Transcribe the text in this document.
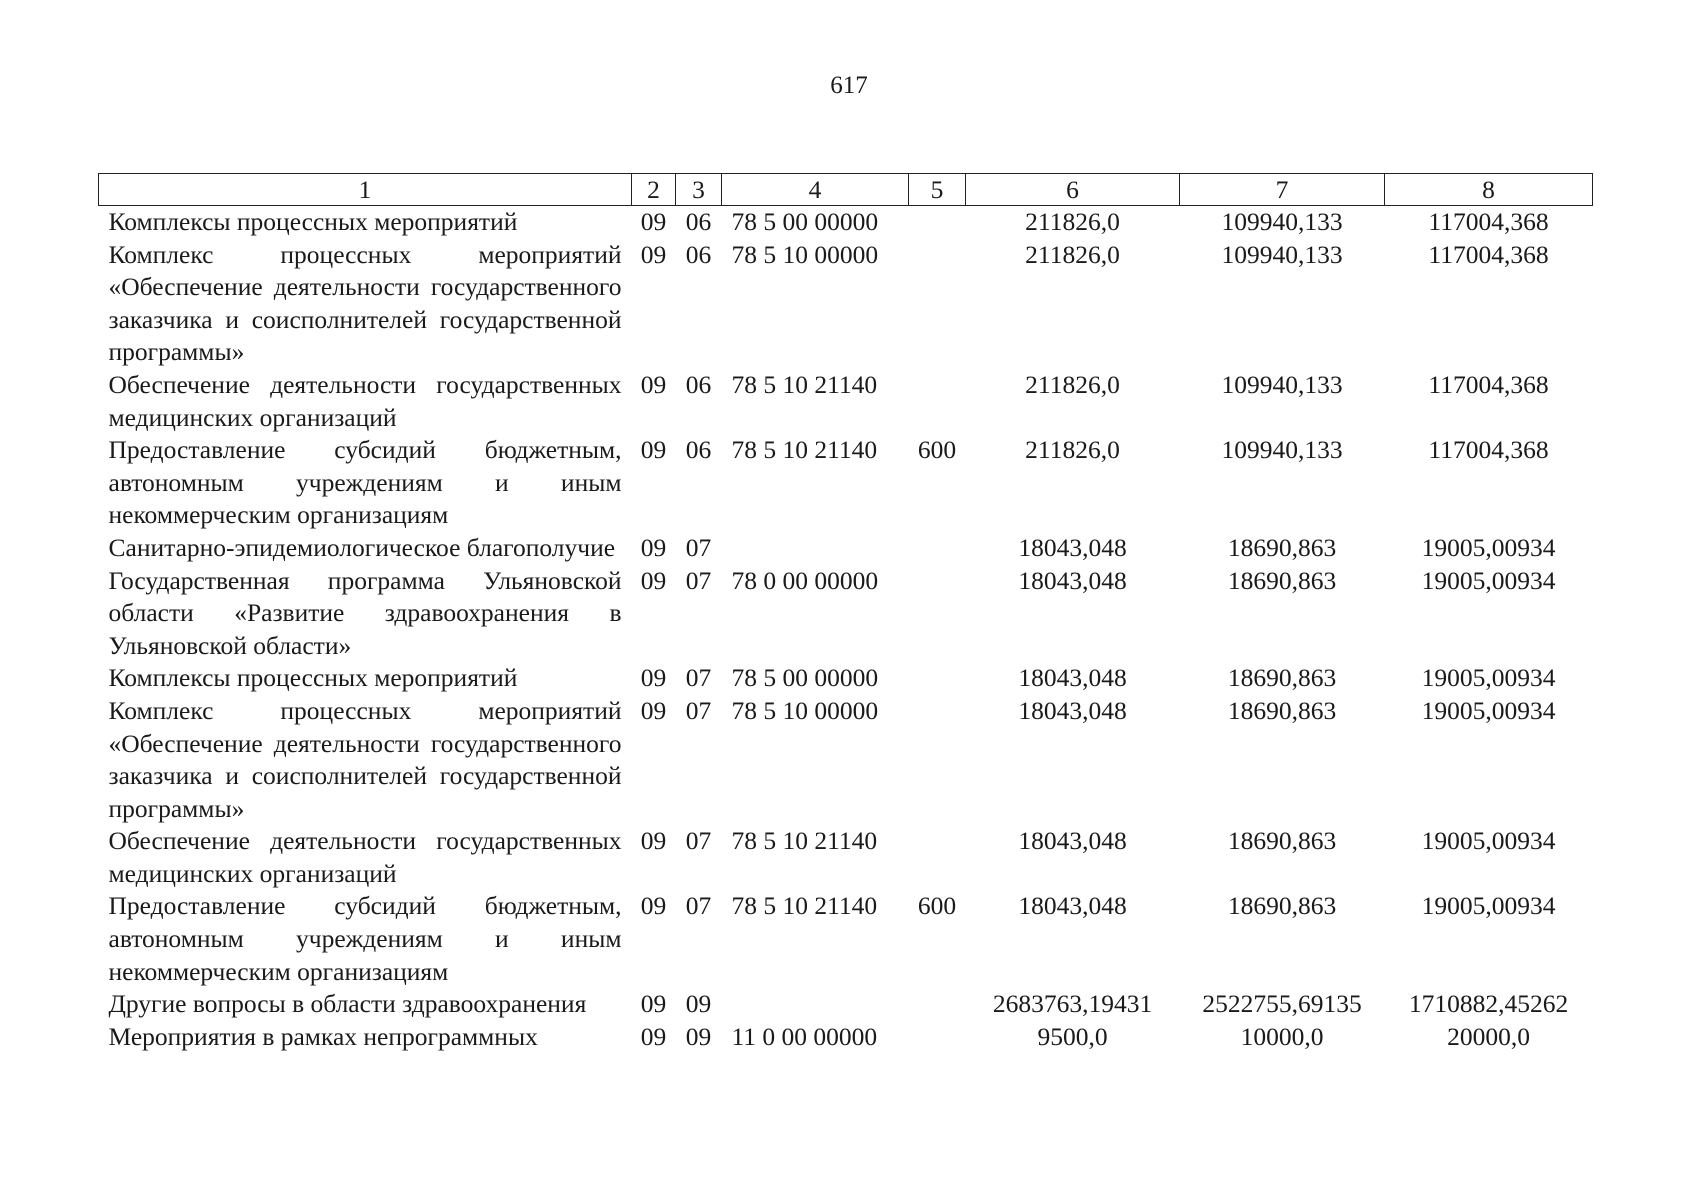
617
1	2	3	4	5	6	7	8
Комплексы процессных мероприятий	09	06	78 5 00 00000		211826,0	109940,133	117004,368
Комплекс процессных мероприятий «Обеспечение деятельности государственного заказчика и соисполнителей государственной программы»	09	06	78 5 10 00000		211826,0	109940,133	117004,368
Обеспечение деятельности государственных медицинских организаций	09	06	78 5 10 21140		211826,0	109940,133	117004,368
Предоставление субсидий бюджетным, автономным учреждениям и иным некоммерческим организациям	09	06	78 5 10 21140	600	211826,0	109940,133	117004,368
Санитарно-эпидемиологическое благополучие	09	07			18043,048	18690,863	19005,00934
Государственная программа Ульяновской области «Развитие здравоохранения в Ульяновской области»	09	07	78 0 00 00000		18043,048	18690,863	19005,00934
Комплексы процессных мероприятий	09	07	78 5 00 00000		18043,048	18690,863	19005,00934
Комплекс процессных мероприятий «Обеспечение деятельности государственного заказчика и соисполнителей государственной программы»	09	07	78 5 10 00000		18043,048	18690,863	19005,00934
Обеспечение деятельности государственных медицинских организаций	09	07	78 5 10 21140		18043,048	18690,863	19005,00934
Предоставление субсидий бюджетным, автономным учреждениям и иным некоммерческим организациям	09	07	78 5 10 21140	600	18043,048	18690,863	19005,00934
Другие вопросы в области здравоохранения	09	09			2683763,19431	2522755,69135	1710882,45262
Мероприятия в рамках непрограммных	09	09	11 0 00 00000		9500,0	10000,0	20000,0
